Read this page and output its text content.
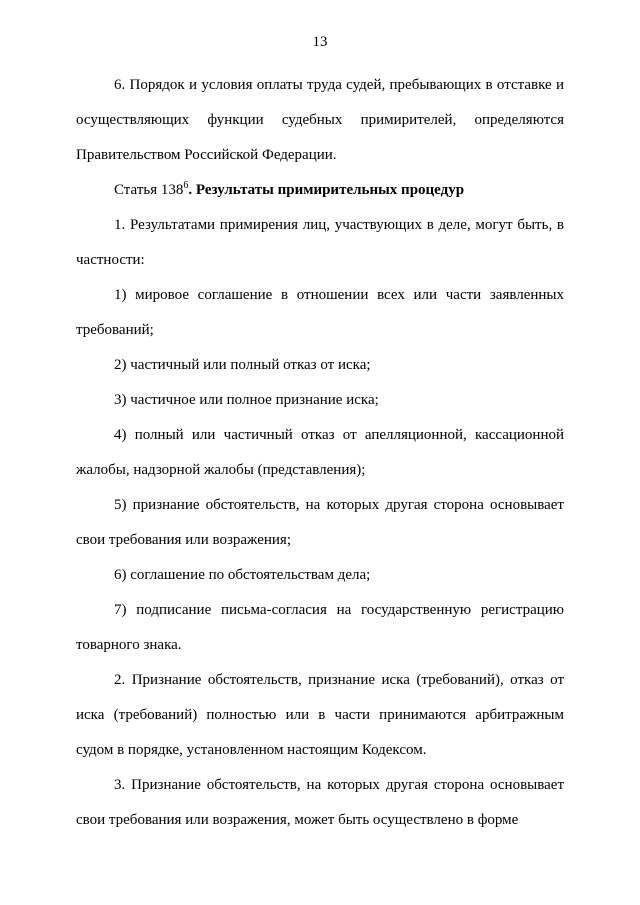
13

6. Порядок и условия оплаты труда судей, пребывающих в отставке и осуществляющих функции судебных примирителей, определяются Правительством Российской Федерации.

Статья $138^6$. Результаты примирительных процедур

1. Результатами примирения лиц, участвующих в деле, могут быть, в частности:

1) мировое соглашение в отношении всех или части заявленных требований;

2) частичный или полный отказ от иска;

3) частичное или полное признание иска;

4) полный или частичный отказ от апелляционной, кассационной жалобы, надзорной жалобы (представления);

5) признание обстоятельств, на которых другая сторона основывает свои требования или возражения;

6) соглашение по обстоятельствам дела;

7) подписание письма-согласия на государственную регистрацию товарного знака.

2. Признание обстоятельств, признание иска (требований), отказ от иска (требований) полностью или в части принимаются арбитражным судом в порядке, установленном настоящим Кодексом.

3. Признание обстоятельств, на которых другая сторона основывает свои требования или возражения, может быть осуществлено в форме
